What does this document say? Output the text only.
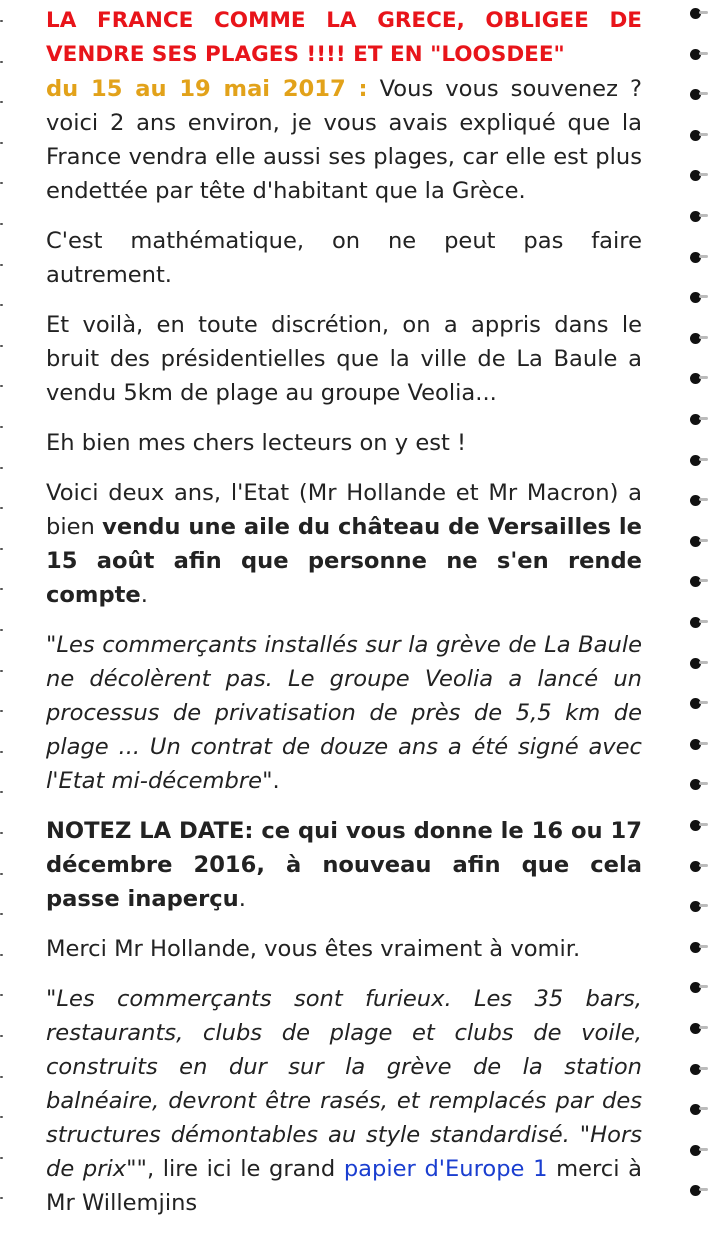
LA FRANCE COMME LA GRECE, OBLIGEE DE VENDRE SES PLAGES !!!! ET EN "LOOSDEE"

du 15 au 19 mai 2017 : Vous vous souvenez ? voici 2 ans environ, je vous avais expliqué que la France vendra elle aussi ses plages, car elle est plus endettée par tête d'habitant que la Grèce.

C'est mathématique, on ne peut pas faire autrement.

Et voilà, en toute discrétion, on a appris dans le bruit des présidentielles que la ville de La Baule a vendu 5km de plage au groupe Veolia...

Eh bien mes chers lecteurs on y est !

Voici deux ans, l'Etat (Mr Hollande et Mr Macron) a bien vendu une aile du château de Versailles le 15 août afin que personne ne s'en rende compte.

"Les commerçants installés sur la grève de La Baule ne décolèrent pas. Le groupe Veolia a lancé un processus de privatisation de près de 5,5 km de plage ... Un contrat de douze ans a été signé avec l'Etat mi-décembre".

NOTEZ LA DATE: ce qui vous donne le 16 ou 17 décembre 2016, à nouveau afin que cela passe inaperçu.

Merci Mr Hollande, vous êtes vraiment à vomir.

"Les commerçants sont furieux. Les 35 bars, restaurants, clubs de plage et clubs de voile, construits en dur sur la grève de la station balnéaire, devront être rasés, et remplacés par des structures démontables au style standardisé. "Hors de prix"", lire ici le grand papier d'Europe 1 merci à Mr Willemjins
